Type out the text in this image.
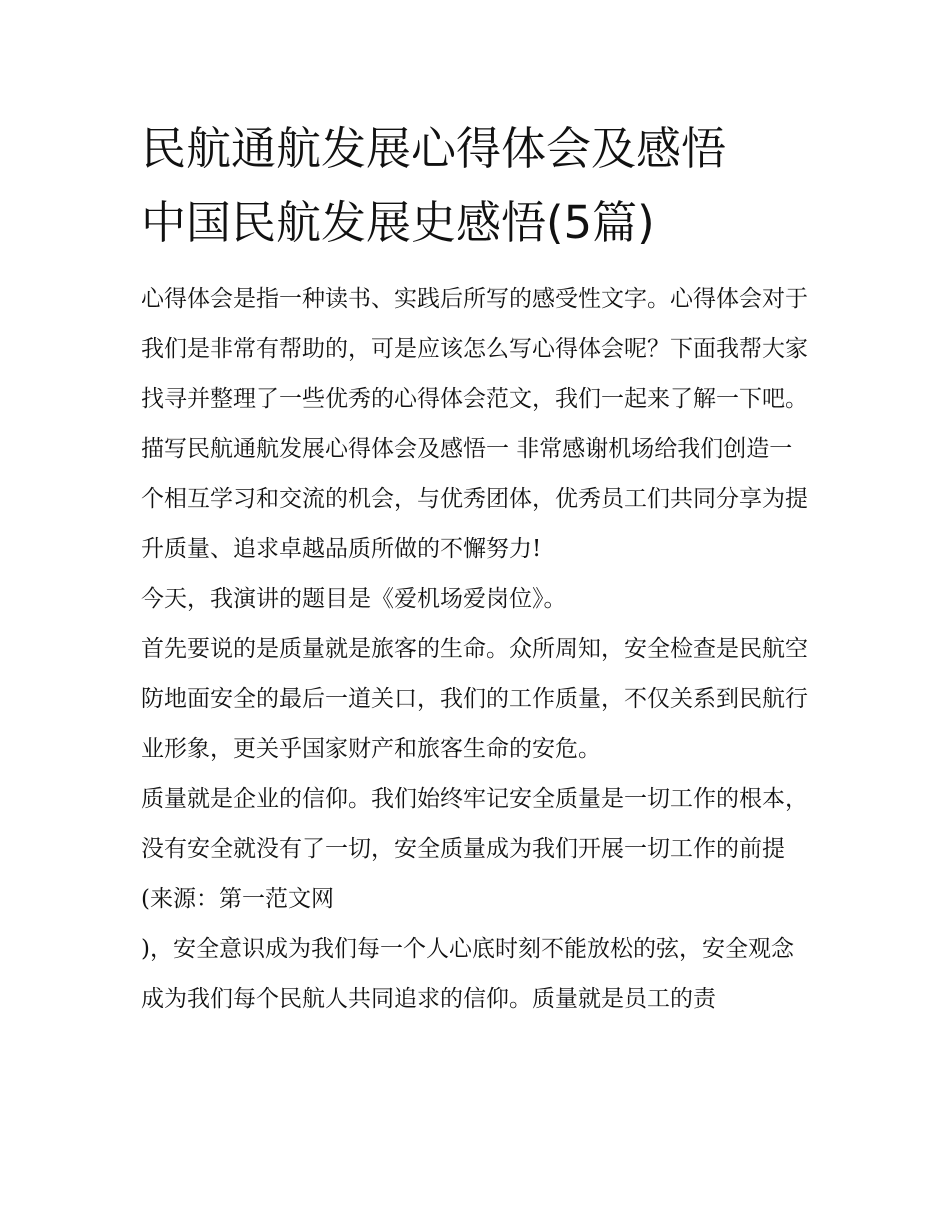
民航通航发展心得体会及感悟
中国民航发展史感悟(5篇)

心得体会是指一种读书、实践后所写的感受性文字。心得体会对于我们是非常有帮助的，可是应该怎么写心得体会呢？下面我帮大家找寻并整理了一些优秀的心得体会范文，我们一起来了解一下吧。

描写民航通航发展心得体会及感悟一 非常感谢机场给我们创造一个相互学习和交流的机会，与优秀团体，优秀员工们共同分享为提升质量、追求卓越品质所做的不懈努力!

今天，我演讲的题目是《爱机场爱岗位》。

首先要说的是质量就是旅客的生命。众所周知，安全检查是民航空防地面安全的最后一道关口，我们的工作质量，不仅关系到民航行业形象，更关乎国家财产和旅客生命的安危。

质量就是企业的信仰。我们始终牢记安全质量是一切工作的根本，没有安全就没有了一切，安全质量成为我们开展一切工作的前提(来源：第一范文网

)，安全意识成为我们每一个人心底时刻不能放松的弦，安全观念成为我们每个民航人共同追求的信仰。质量就是员工的责
